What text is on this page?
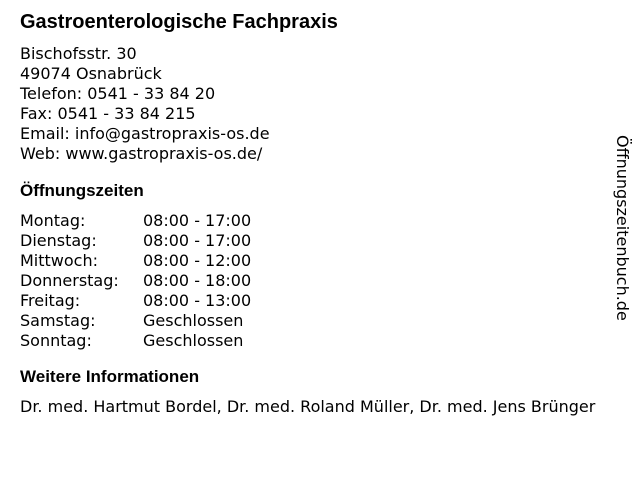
Gastroenterologische Fachpraxis
Bischofsstr. 30
49074 Osnabrück
Telefon: 0541 - 33 84 20
Fax: 0541 - 33 84 215
Email: info@gastropraxis-os.de
Web: www.gastropraxis-os.de/
Öffnungszeiten
Montag:	08:00 - 17:00
Dienstag:	08:00 - 17:00
Mittwoch:	08:00 - 12:00
Donnerstag:	08:00 - 18:00
Freitag:	08:00 - 13:00
Samstag:	Geschlossen
Sonntag:	Geschlossen
Weitere Informationen
Dr. med. Hartmut Bordel, Dr. med. Roland Müller, Dr. med. Jens Brünger
Öffnungszeitenbuch.de
